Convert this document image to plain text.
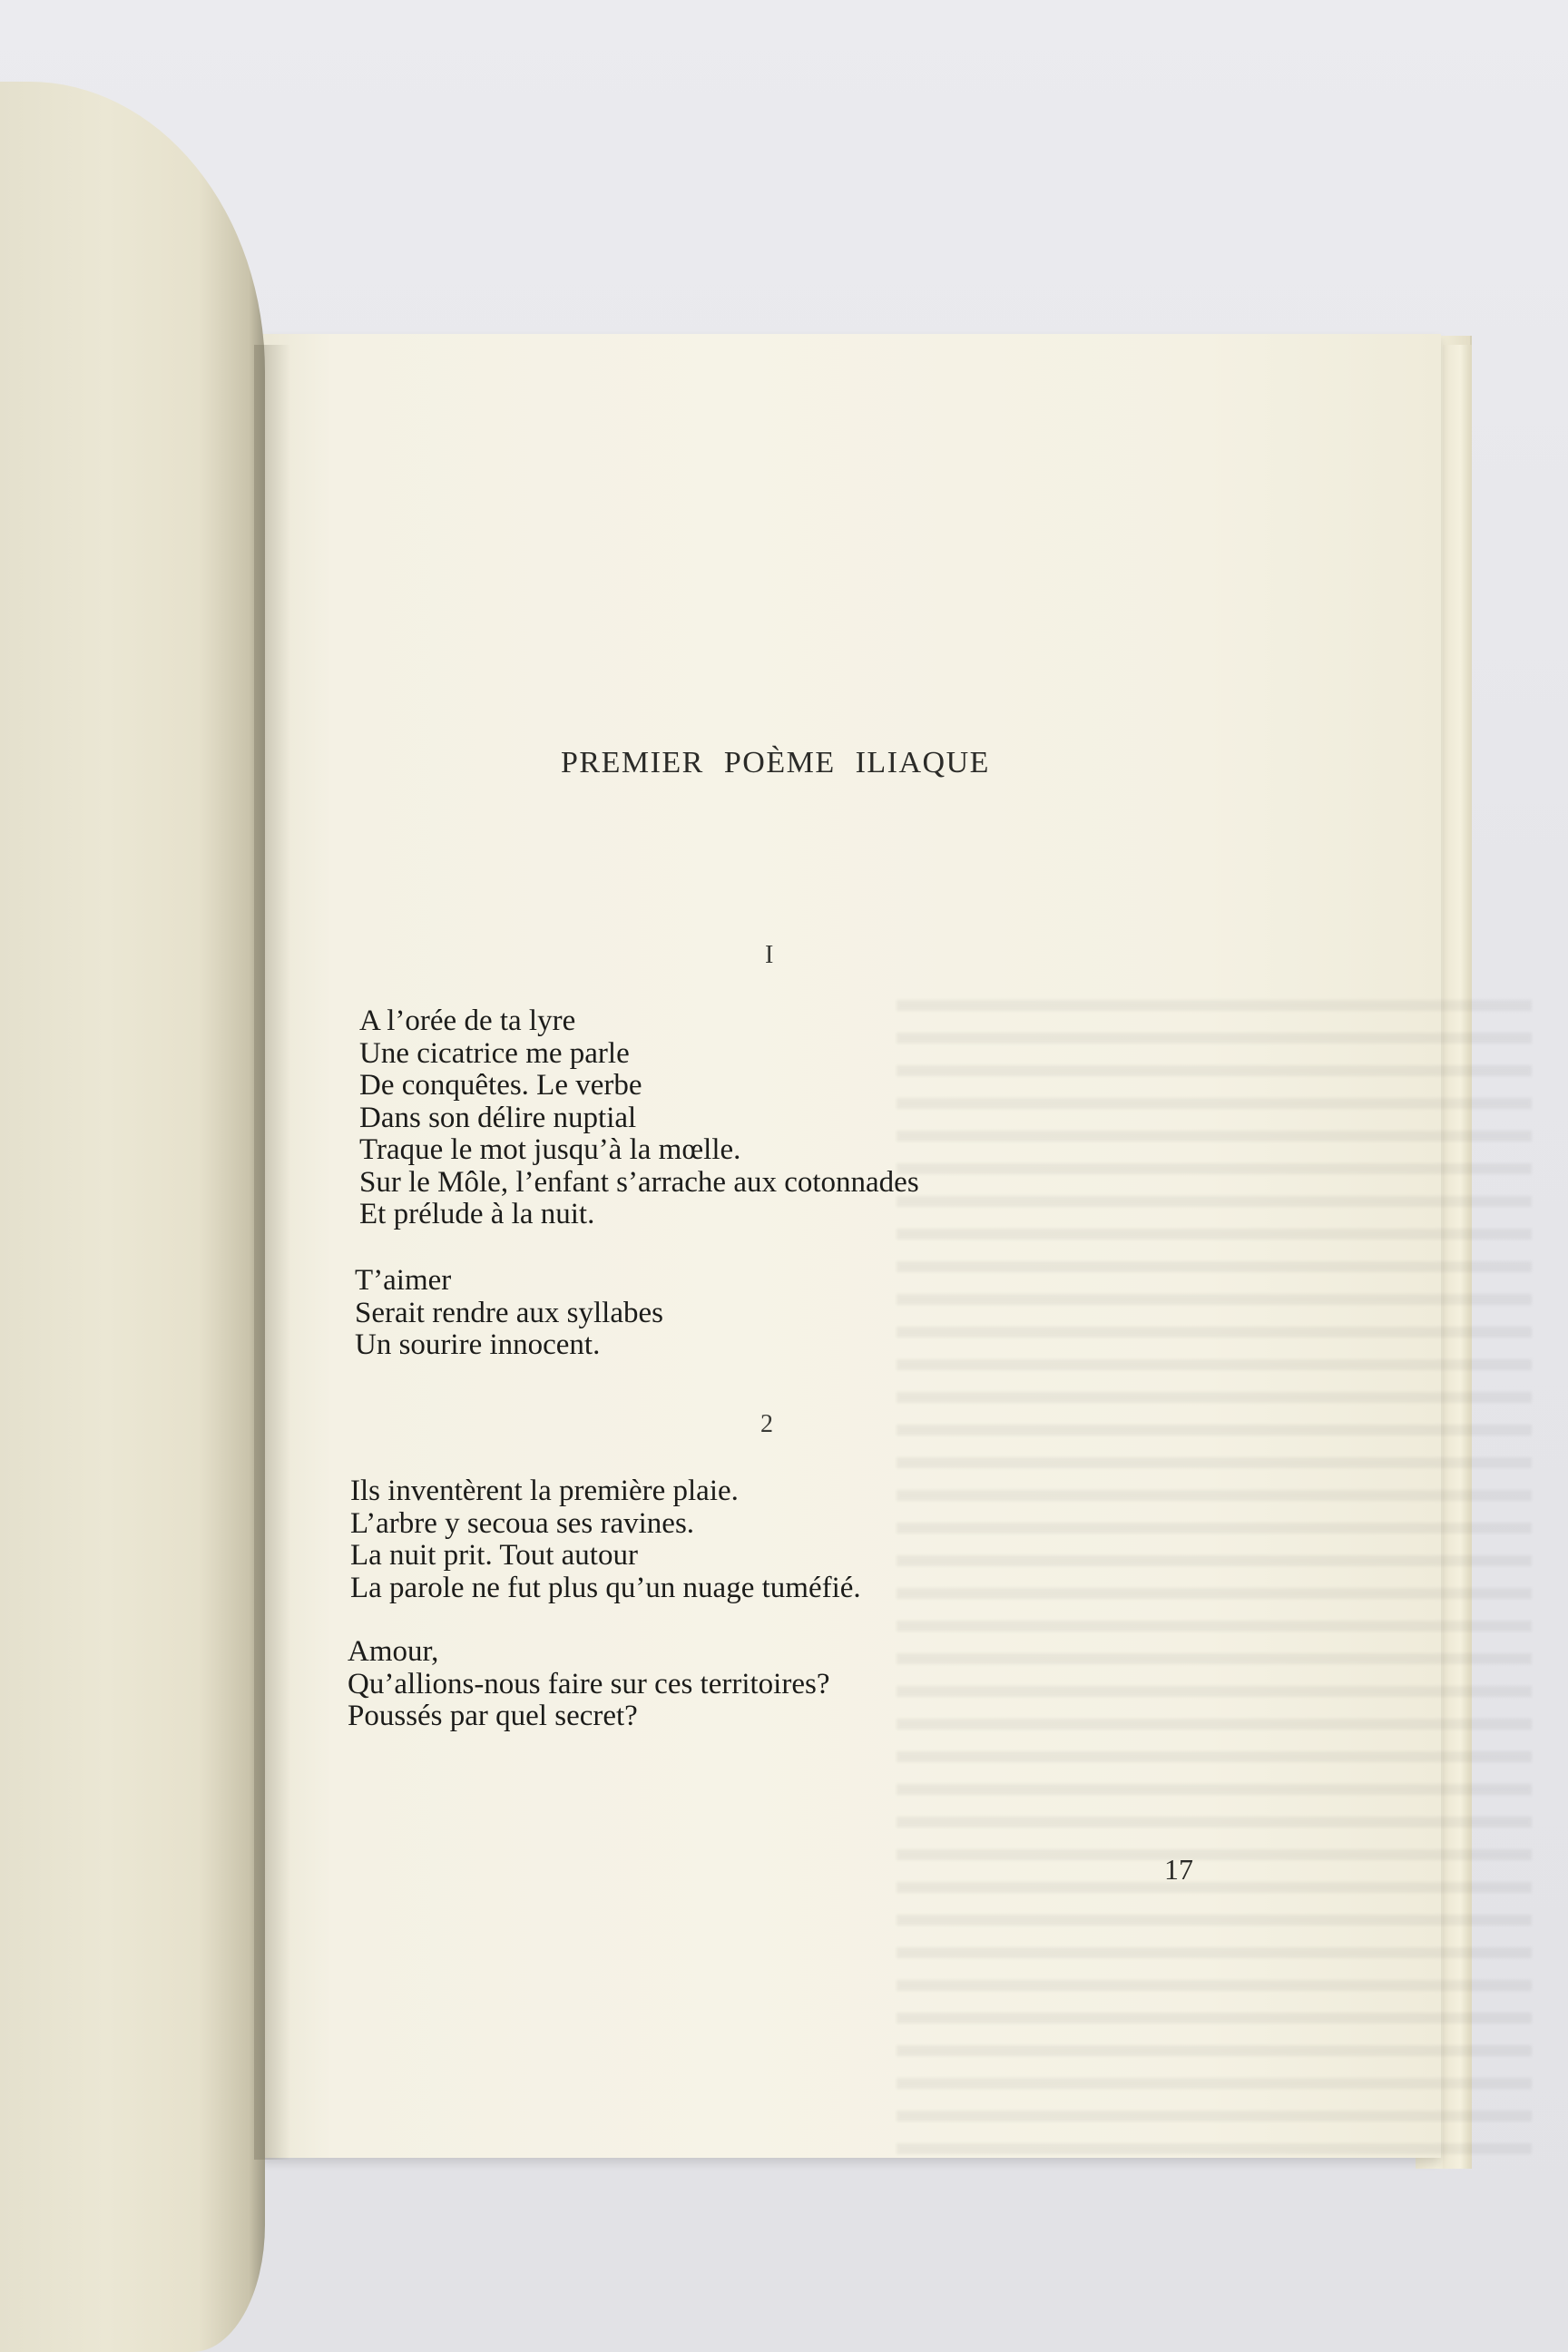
PREMIER POÈME ILIAQUE
I
A l’orée de ta lyre
Une cicatrice me parle
De conquêtes. Le verbe
Dans son délire nuptial
Traque le mot jusqu’à la mœlle.
Sur le Môle, l’enfant s’arrache aux cotonnades
Et prélude à la nuit.
T’aimer
Serait rendre aux syllabes
Un sourire innocent.
2
Ils inventèrent la première plaie.
L’arbre y secoua ses ravines.
La nuit prit. Tout autour
La parole ne fut plus qu’un nuage tuméfié.
Amour,
Qu’allions-nous faire sur ces territoires?
Poussés par quel secret?
17
